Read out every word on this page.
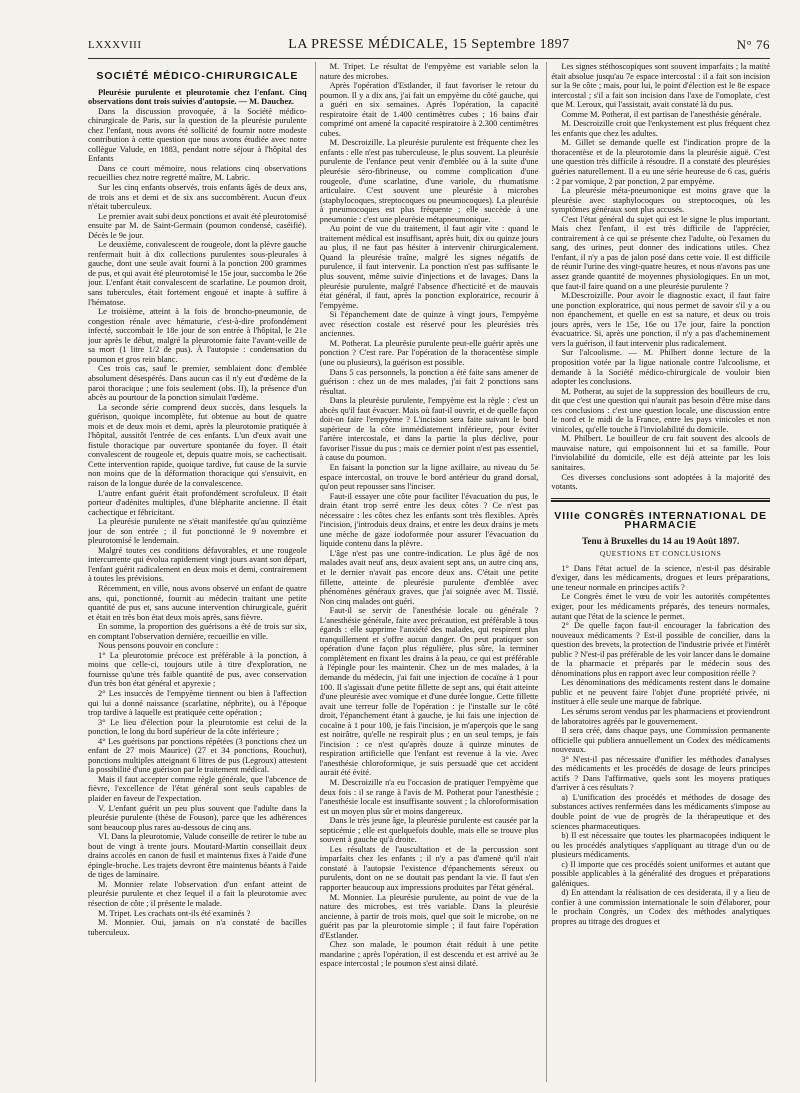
LXXXVIII	LA PRESSE MÉDICALE, 15 Septembre 1897	N° 76
SOCIÉTÉ MÉDICO-CHIRURGICALE

Pleurésie purulente et pleurotomie chez l'enfant. Cinq observations dont trois suivies d'autopsie. — M. Dauchez.

Dans la discussion provoquée, à la Société médico-chirurgicale de Paris, sur la question de la pleurésie purulente chez l'enfant, nous avons été sollicité de fournir notre modeste contribution à cette question que nous avons étudiée avec notre collègue Valude, en 1883, pendant notre séjour à l'hôpital des Enfants

Dans ce court mémoire, nous relations cinq observations recueillies chez notre regretté maître, M. Labric.

Sur les cinq enfants observés, trois enfants âgés de deux ans, de trois ans et demi et de six ans succombèrent. Aucun d'eux n'était tuberculeux.

Le premier avait subi deux ponctions et avait été pleurotomisé ensuite par M. de Saint-Germain (poumon condensé, caséifié). Décès le 9e jour.

Le deuxième, convalescent de rougeole, dont la plèvre gauche renfermait huit à dix collections purulentes sous-pleurales à gauche, dont une seule avait fourni à la ponction 200 grammes de pus, et qui avait été pleurotomisé le 15e jour, succomba le 26e jour. L'enfant était convalescent de scarlatine. Le poumon droit, sans tubercules, était fortement engoué et inapte à suffire à l'hématose.

Le troisième, atteint à la fois de broncho-pneumonie, de congestion rénale avec hématurie, c'est-à-dire profondément infecté, succombait le 18e jour de son entrée à l'hôpital, le 21e jour après le début, malgré la pleurotomie faite l'avant-veille de sa mort (1 litre 1/2 de pus). À l'autopsie : condensation du poumon et gros rein blanc.

Ces trois cas, sauf le premier, semblaient donc d'emblée absolument désespérés. Dans aucun cas il n'y eut d'œdème de la paroi thoracique ; une fois seulement (obs. II), la présence d'un abcès au pourtour de la ponction simulait l'œdème.

La seconde série comprend deux succès, dans lesquels la guérison, quoique incomplète, fut obtenue au bout de quatre mois et de deux mois et demi, après la pleurotomie pratiquée à l'hôpital, aussitôt l'entrée de ces enfants. L'un d'eux avait une fistule thoracique par ouverture spontanée du foyer. Il était convalescent de rougeole et, depuis quatre mois, se cachectisait. Cette intervention rapide, quoique tardive, fut cause de la survie non moins que de la déformation thoracique qui s'ensuivit, en raison de la longue durée de la convalescence.

L'autre enfant guérit était profondément scrofuleux. Il était porteur d'adénites multiples, d'une blépharite ancienne. Il était cachectique et fébricitant.

La pleurésie purulente ne s'était manifestée qu'au quinzième jour de son entrée ; il fut ponctionné le 9 novembre et pleurotomisé le lendemain.

Malgré toutes ces conditions défavorables, et une rougeole intercurrente qui évolua rapidement vingt jours avant son départ, l'enfant guérit radicalement en deux mois et demi, contrairement à toutes les prévisions.

Récemment, en ville, nous avons observé un enfant de quatre ans, qui, ponctionné, fournit au médecin traitant une petite quantité de pus et, sans aucune intervention chirurgicale, guérit et était en très bon état deux mois après, sans fièvre.

En somme, la proportion des guérisons a été de trois sur six, en comptant l'observation dernière, recueillie en ville.

Nous pensons pouvoir en conclure :

1° La pleurotomie précoce est préférable à la ponction, à moins que celle-ci, toujours utile à titre d'exploration, ne fournisse qu'une très faible quantité de pus, avec conservation d'un très bon état général et apyrexie ;

2° Les insuccès de l'empyème tiennent ou bien à l'affection qui lui a donné naissance (scarlatine, néphrite), ou à l'époque trop tardive à laquelle est pratiquée cette opération ;

3° Le lieu d'élection pour la pleurotomie est celui de la ponction, le long du bord supérieur de la côte inférieure ;

4° Les guérisons par ponctions répétées (3 ponctions chez un enfant de 27 mois Maurice) (27 et 34 ponctions, Rouchut), ponctions multiples atteignant 6 litres de pus (Legroux) attestent la possibilité d'une guérison par le traitement médical.

Mais il faut accepter comme règle générale, que l'abcence de fièvre, l'excellence de l'état général sont seuls capables de plaider en faveur de l'expectation.

V. L'enfant guérit un peu plus souvent que l'adulte dans la pleurésie purulente (thèse de Fouson), parce que les adhérences sont beaucoup plus rares au-dessous de cinq ans.

VI. Dans la pleurotomie, Valude conseille de retirer le tube au bout de vingt à trente jours. Moutard-Martin conseillait deux drains accolés en canon de fusil et maintenus fixes à l'aide d'une épingle-broche. Les trajets devront être maintenus béants à l'aide de tiges de laminaire.

M. Monnier relate l'observation d'un enfant atteint de pleurésie purulente et chez lequel il a fait la pleurotomie avec résection de côte ; il présente le malade.

M. Tripet. Les crachats ont-ils été examinés ?

M. Monnier. Oui, jamais on n'a constaté de bacilles tuberculeux.

M. Tripet. Le résultat de l'empyème est variable selon la nature des microbes.

Après l'opération d'Estlander, il faut favoriser le retour du poumon. Il y a dix ans, j'ai fait un empyème du côté gauche, qui a guéri en six semaines. Après l'opération, la capacité respiratoire était de 1.400 centimètres cubes ; 16 bains d'air comprimé ont amené la capacité respiratoire à 2.300 centimètres cubes.

M. Descroizille. La pleurésie purulente est fréquente chez les enfants : elle n'est pas tuberculeuse, le plus souvent. La pleurésie purulente de l'enfance peut venir d'emblée ou à la suite d'une pleurésie séro-fibrineuse, ou comme complication d'une rougeole, d'une scarlatine, d'une variole, du rhumatisme articulaire. C'est souvent une pleurésie à microbes (staphylocoques, streptocoques ou pneumocoques). La pleurésie à pneumocoques est plus fréquente ; elle succède à une pneumonie : c'est une pleurésie métapneumonique.

Au point de vue du traitement, il faut agir vite : quand le traitement médical est insuffisant, après huit, dix ou quinze jours au plus, il ne faut pas hésiter à intervenir chirurgicalement. Quand la pleurésie traîne, malgré les signes négatifs de purulence, il faut intervenir. La ponction n'est pas suffisante le plus souvent, même suivie d'injections et de lavages. Dans la pleurésie purulente, malgré l'absence d'hecticité et de mauvais état général, il faut, après la ponction exploratrice, recourir à l'empyème.

Si l'épanchement date de quinze à vingt jours, l'empyème avec résection costale est réservé pour les pleurésies très anciennes.

M. Potherat. La pleurésie purulente peut-elle guérir après une ponction ? C'est rare. Par l'opération de la thoracentèse simple (une ou plusieurs), la guérison est possible.

Dans 5 cas personnels, la ponction a été faite sans amener de guérison : chez un de mes malades, j'ai fait 2 ponctions sans résultat.

Dans la pleurésie purulente, l'empyème est la règle : c'est un abcès qu'il faut évacuer. Mais où faut-il ouvrir, et de quelle façon doit-on faire l'empyème ? L'incision sera faite suivant le bord supérieur de la côte immédiatement inférieure, pour éviter l'artère intercostale, et dans la partie la plus déclive, pour favoriser l'issue du pus ; mais ce dernier point n'est pas essentiel, à cause du poumon.

En faisant la ponction sur la ligne axillaire, au niveau du 5e espace intercostal, on trouve le bord antérieur du grand dorsal, qu'on peut repousser sans l'inciser.

Faut-il essayer une côte pour faciliter l'évacuation du pus, le drain étant trop serré entre les deux côtes ? Ce n'est pas nécessaire : les côtes chez les enfants sont très flexibles. Après l'incision, j'introduis deux drains, et entre les deux drains je mets une mèche de gaze iodoformée pour assurer l'évacuation du liquide contenu dans la plèvre.

L'âge n'est pas une contre-indication. Le plus âgé de nos malades avait neuf ans, deux avaient sept ans, un autre cinq ans, et le dernier n'avait pas encore deux ans. C'était une petite fillette, atteinte de pleurésie purulente d'emblée avec phénomènes généraux graves, que j'ai soignée avec M. Tissié. Non cinq malades ont guéri.

Faut-il se servir de l'anesthésie locale ou générale ? L'anesthésie générale, faite avec précaution, est préférable à tous égards : elle supprime l'anxiété des malades, qui respirent plus tranquillement et s'offre aucun danger. On peut pratiquer son opération d'une façon plus régulière, plus sûre, la terminer complètement en fixant les drains à la peau, ce qui est préférable à l'épingle pour les maintenir. Chez un de mes malades, à la demande du médecin, j'ai fait une injection de cocaïne à 1 pour 100. Il s'agissait d'une petite fillette de sept ans, qui était atteinte d'une pleurésie avec vomique et d'une durée longue. Cette fillette avait une terreur folle de l'opération : je l'installe sur le côté droit, l'épanchement étant à gauche, je lui fais une injection de cocaïne à 1 pour 100, je fais l'incision, je m'aperçois que le sang est noirâtre, qu'elle ne respirait plus ; en un seul temps, je fais l'incision : ce n'est qu'après douze à quinze minutes de respiration artificielle que l'enfant est revenue à la vie. Avec l'anesthésie chloroformique, je suis persuadé que cet accident aurait été évité.

M. Descroizille n'a eu l'occasion de pratiquer l'empyème que deux fois : il se range à l'avis de M. Potherat pour l'anesthésie ; l'anesthésie locale est insuffisante souvent ; la chloroformisation est un moyen plus sûr et moins dangereux.

Dans le très jeune âge, la pleurésie purulente est causée par la septicémie ; elle est quelquefois double, mais elle se trouve plus souvent à gauche qu'à droite.

Les résultats de l'auscultation et de la percussion sont imparfaits chez les enfants ; il n'y a pas d'amené qu'il n'ait constaté à l'autopsie l'existence d'épanchements séreux ou purulents, dont on ne se doutait pas pendant la vie. Il faut s'en rapporter beaucoup aux impressions produites par l'état général.

M. Monnier. La pleurésie purulente, au point de vue de la nature des microbes, est très variable. Dans la pleurésie ancienne, à partir de trois mois, quel que soit le microbe, on ne guérit pas par la pleurotomie simple ; il faut faire l'opération d'Estlander.

Chez son malade, le poumon était réduit à une petite mandarine ; après l'opération, il est descendu et est arrivé au 3e espace intercostal ; le poumon s'est ainsi dilaté.

Les signes stéthoscopiques sont souvent imparfaits ; la matité était absolue jusqu'au 7e espace intercostal : il a fait son incision sur la 9e côte ; mais, pour lui, le point d'élection est le 8e espace intercostal ; s'il a fait son incision dans l'axe de l'omoplate, c'est que M. Leroux, qui l'assistait, avait constaté là du pus.

Comme M. Potherat, il est partisan de l'anesthésie générale.

M. Descroizille croit que l'enkystement est plus fréquent chez les enfants que chez les adultes.

M. Gillet se demande quelle est l'indication propre de la thoracentèse et de la pleurotomie dans la pleurésie aiguë. C'est une question très difficile à résoudre. Il a constaté des pleurésies guéries naturellement. Il a eu une série heureuse de 6 cas, guéris : 2 par vomique, 2 par ponction, 2 par empyème.

La pleurésie méta-pneumonique est moins grave que la pleurésie avec staphylocoques ou streptocoques, où les symptômes généraux sont plus accusés.

C'est l'état général du sujet qui est le signe le plus important. Mais chez l'enfant, il est très difficile de l'apprécier, contrairement à ce qui se présente chez l'adulte, où l'examen du sang, des urines, peut donner des indications utiles. Chez l'enfant, il n'y a pas de jalon posé dans cette voie. Il est difficile de réunir l'urine des vingt-quatre heures, et nous n'avons pas une assez grande quantité de moyennes physiologiques. En un mot, que faut-il faire quand on a une pleurésie purulente ?

M.Descroizille. Pour avoir le diagnostic exact, il faut faire une ponction exploratrice, qui nous permet de savoir s'il y a ou non épanchement, et quelle en est sa nature, et deux ou trois jours après, vers le 15e, 16e ou 17e jour, faire la ponction évacuatrice. Si, après une ponction, il n'y a pas d'acheminement vers la guérison, il faut intervenir plus radicalement.

Sur l'alcoolisme. — M. Philbert donne lecture de la proposition votée par la ligue nationale contre l'alcoolisme, et demande à la Société médico-chirurgicale de vouloir bien adopter les conclusions.

M. Potherat, au sujet de la suppression des bouilleurs de cru, dit que c'est une question qui n'aurait pas besoin d'être mise dans ces conclusions : c'est une question locale, une discussion entre le nord et le midi de la France, entre les pays vinicoles et non vinicoles, qu'elle touche à l'inviolabilité du domicile.

M. Philbert. Le bouilleur de cru fait souvent des alcools de mauvaise nature, qui empoisonnent lui et sa famille. Pour l'inviolabilité du domicile, elle est déjà atteinte par les lois sanitaires.

Ces diverses conclusions sont adoptées à la majorité des votants.

VIIIe CONGRÈS INTERNATIONAL DE PHARMACIE
Tenu à Bruxelles du 14 au 19 Août 1897.
QUESTIONS ET CONCLUSIONS

1° Dans l'état actuel de la science, n'est-il pas désirable d'exiger, dans les médicaments, drogues et leurs préparations, une teneur normale en principes actifs ?

Le Congrès émet le vœu de voir les autorités compétentes exiger, pour les médicaments préparés, des teneurs normales, autant que l'état de la science le permet.

2° De quelle façon faut-il encourager la fabrication des nouveaux médicaments ? Est-il possible de concilier, dans la question des brevets, la protection de l'industrie privée et l'intérêt public ? N'est-il pas préférable de les voir lancer dans le domaine de la pharmacie et préparés par le médecin sous des dénominations plus en rapport avec leur composition réelle ?

Les dénominations des médicaments restent dans le domaine public et ne peuvent faire l'objet d'une propriété privée, ni instituer à elle seule une marque de fabrique.

Les sérums seront vendus par les pharmaciens et proviendront de laboratoires agréés par le gouvernement.

Il sera créé, dans chaque pays, une Commission permanente officielle qui publiera annuellement un Codex des médicaments nouveaux.

3° N'est-il pas nécessaire d'unifier les méthodes d'analyses des médicaments et les procédés de dosage de leurs principes actifs ? Dans l'affirmative, quels sont les moyens pratiques d'arriver à ces résultats ?

a) L'unification des procédés et méthodes de dosage des substances actives renfermées dans les médicaments s'impose au double point de vue de progrès de la thérapeutique et des sciences pharmaceutiques.

b) Il est nécessaire que toutes les pharmacopées indiquent le ou les procédés analytiques s'appliquant au titrage d'un ou de plusieurs médicaments.

c) Il importe que ces procédés soient uniformes et autant que possible applicables à la généralité des drogues et préparations galéniques.

d) En attendant la réalisation de ces desiderata, il y a lieu de confier à une commission internationale le soin d'élaborer, pour le prochain Congrès, un Codex des méthodes analytiques propres au titrage des drogues et
